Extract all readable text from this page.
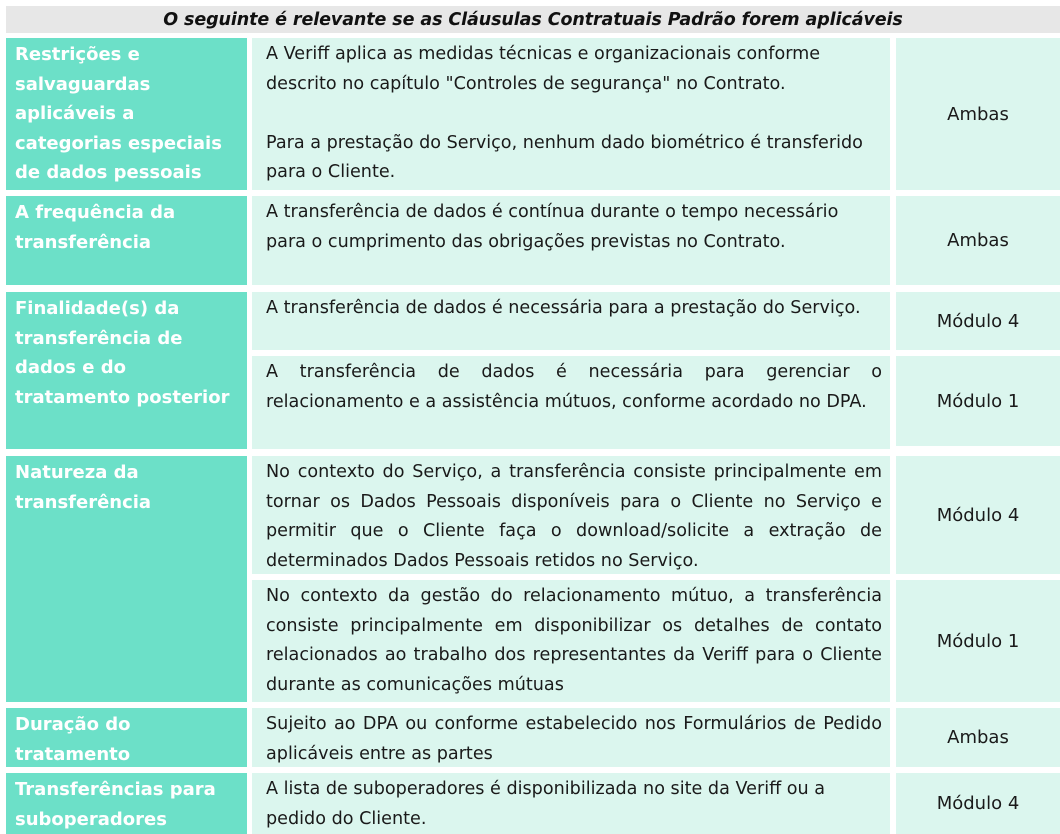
O seguinte é relevante se as Cláusulas Contratuais Padrão forem aplicáveis
Restrições e salvaguardas aplicáveis a categorias especiais de dados pessoais

A Veriff aplica as medidas técnicas e organizacionais conforme descrito no capítulo "Controles de segurança" no Contrato.

Para a prestação do Serviço, nenhum dado biométrico é transferido para o Cliente.

Ambas
A frequência da transferência

A transferência de dados é contínua durante o tempo necessário para o cumprimento das obrigações previstas no Contrato.	Ambas
Finalidade(s) da transferência de dados e do tratamento posterior

A transferência de dados é necessária para a prestação do Serviço.

Módulo 4

A transferência de dados é necessária para gerenciar o relacionamento e a assistência mútuos, conforme acordado no DPA.	Módulo 1
Natureza da transferência

No contexto do Serviço, a transferência consiste principalmente em tornar os Dados Pessoais disponíveis para o Cliente no Serviço e permitir que o Cliente faça o download/solicite a extração de determinados Dados Pessoais retidos no Serviço.

Módulo 4

No contexto da gestão do relacionamento mútuo, a transferência consiste principalmente em disponibilizar os detalhes de contato relacionados ao trabalho dos representantes da Veriff para o Cliente durante as comunicações mútuas

Módulo 1
Duração do tratamento

Sujeito ao DPA ou conforme estabelecido nos Formulários de Pedido aplicáveis entre as partes

Ambas
Transferências para suboperadores

A lista de suboperadores é disponibilizada no site da Veriff ou a pedido do Cliente.

Módulo 4
